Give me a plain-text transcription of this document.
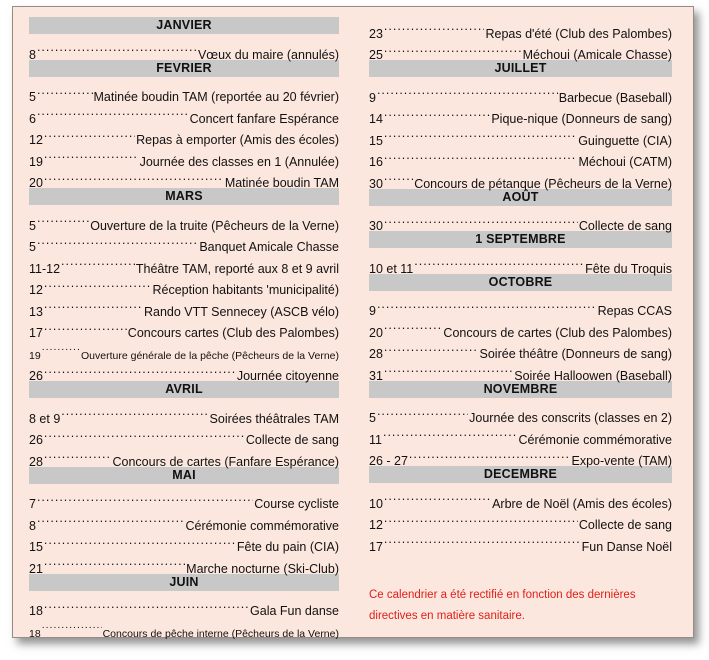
JANVIER
8 .....	Vœux du maire (annulés)
FEVRIER
5 .....	Matinée boudin TAM (reportée au 20 février)
6 .....	Concert fanfare Espérance
12 .....	Repas à emporter (Amis des écoles)
19 .....	Journée des classes en 1 (Annulée)
20 .....	Matinée boudin TAM
MARS
5 .....	Ouverture de la truite (Pêcheurs de la Verne)
5 .....	Banquet Amicale Chasse
11-12 .....	Théâtre TAM, reporté aux 8 et 9 avril
12 .....	Réception habitants 'municipalité)
13 .....	Rando VTT Sennecey (ASCB vélo)
17 .....	Concours cartes (Club des Palombes)
19 .....	Ouverture générale de la pêche (Pêcheurs de la Verne)
26 .....	Journée citoyenne
AVRIL
8 et 9 .....	Soirées théâtrales TAM
26 .....	Collecte de sang
28 .....	Concours de cartes (Fanfare Espérance)
MAI
7 .....	Course cycliste
8 .....	Cérémonie commémorative
15 .....	Fête du pain (CIA)
21 .....	Marche nocturne (Ski-Club)
JUIN
18 .....	Gala Fun danse
18 .....	Concours de pêche interne (Pêcheurs de la Verne)
23 .....	Repas d'été (Club des Palombes)
25 .....	Méchoui (Amicale Chasse)
JUILLET
9 .....	Barbecue (Baseball)
14 .....	Pique-nique (Donneurs de sang)
15 .....	Guinguette (CIA)
16 .....	Méchoui (CATM)
30 .....	Concours de pétanque (Pêcheurs de la Verne)
AOÛT
30 .....	Collecte de sang
1 SEPTEMBRE
10 et 11 .....	Fête du Troquis
OCTOBRE
9 .....	Repas CCAS
20 .....	Concours de cartes (Club des Palombes)
28 .....	Soirée théâtre (Donneurs de sang)
31 .....	Soirée Halloowen (Baseball)
NOVEMBRE
5 .....	Journée des conscrits (classes en 2)
11 .....	Cérémonie commémorative
26 - 27 .....	Expo-vente (TAM)
DECEMBRE
10 .....	Arbre de Noël (Amis des écoles)
12 .....	Collecte de sang
17 .....	Fun Danse Noël
Ce calendrier a été rectifié en fonction des dernières directives en matière sanitaire.
